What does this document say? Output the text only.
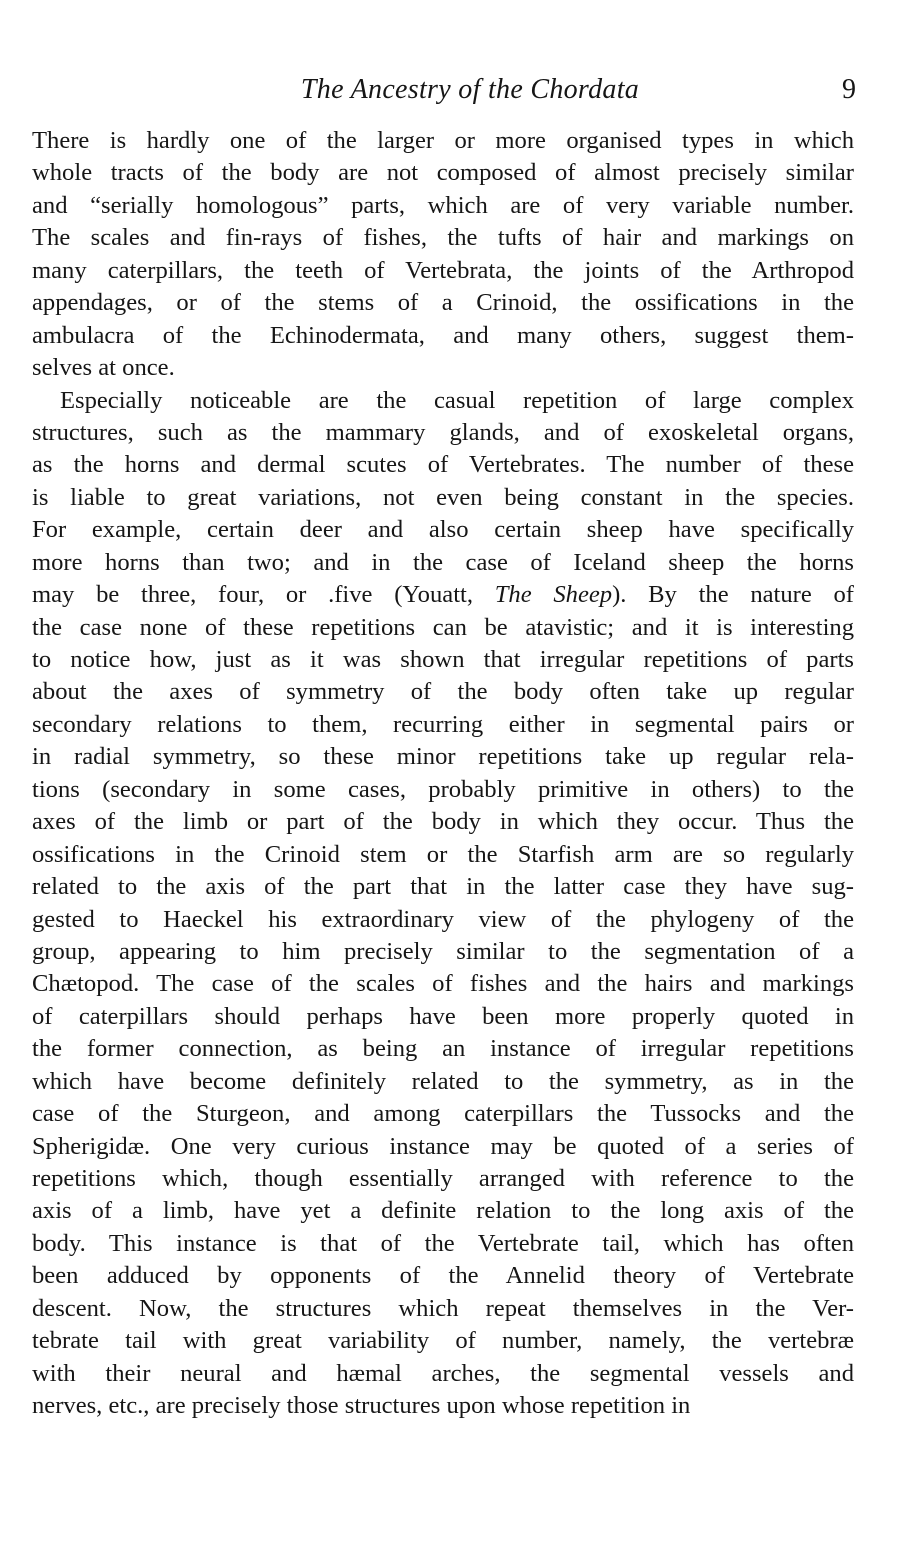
The Ancestry of the Chordata	9
There is hardly one of the larger or more organised types in which
whole tracts of the body are not composed of almost precisely similar
and “serially homologous” parts, which are of very variable number.
The scales and fin-rays of fishes, the tufts of hair and markings on
many caterpillars, the teeth of Vertebrata, the joints of the Arthropod
appendages, or of the stems of a Crinoid, the ossifications in the
ambulacra of the Echinodermata, and many others, suggest them-
selves at once.
Especially noticeable are the casual repetition of large complex
structures, such as the mammary glands, and of exoskeletal organs,
as the horns and dermal scutes of Vertebrates. The number of these
is liable to great variations, not even being constant in the species.
For example, certain deer and also certain sheep have specifically
more horns than two; and in the case of Iceland sheep the horns
may be three, four, or .five (Youatt, The Sheep). By the nature of
the case none of these repetitions can be atavistic; and it is interesting
to notice how, just as it was shown that irregular repetitions of parts
about the axes of symmetry of the body often take up regular
secondary relations to them, recurring either in segmental pairs or
in radial symmetry, so these minor repetitions take up regular rela-
tions (secondary in some cases, probably primitive in others) to the
axes of the limb or part of the body in which they occur. Thus the
ossifications in the Crinoid stem or the Starfish arm are so regularly
related to the axis of the part that in the latter case they have sug-
gested to Haeckel his extraordinary view of the phylogeny of the
group, appearing to him precisely similar to the segmentation of a
Chætopod. The case of the scales of fishes and the hairs and markings
of caterpillars should perhaps have been more properly quoted in
the former connection, as being an instance of irregular repetitions
which have become definitely related to the symmetry, as in the
case of the Sturgeon, and among caterpillars the Tussocks and the
Spherigidæ. One very curious instance may be quoted of a series of
repetitions which, though essentially arranged with reference to the
axis of a limb, have yet a definite relation to the long axis of the
body. This instance is that of the Vertebrate tail, which has often
been adduced by opponents of the Annelid theory of Vertebrate
descent. Now, the structures which repeat themselves in the Ver-
tebrate tail with great variability of number, namely, the vertebræ
with their neural and hæmal arches, the segmental vessels and
nerves, etc., are precisely those structures upon whose repetition in
